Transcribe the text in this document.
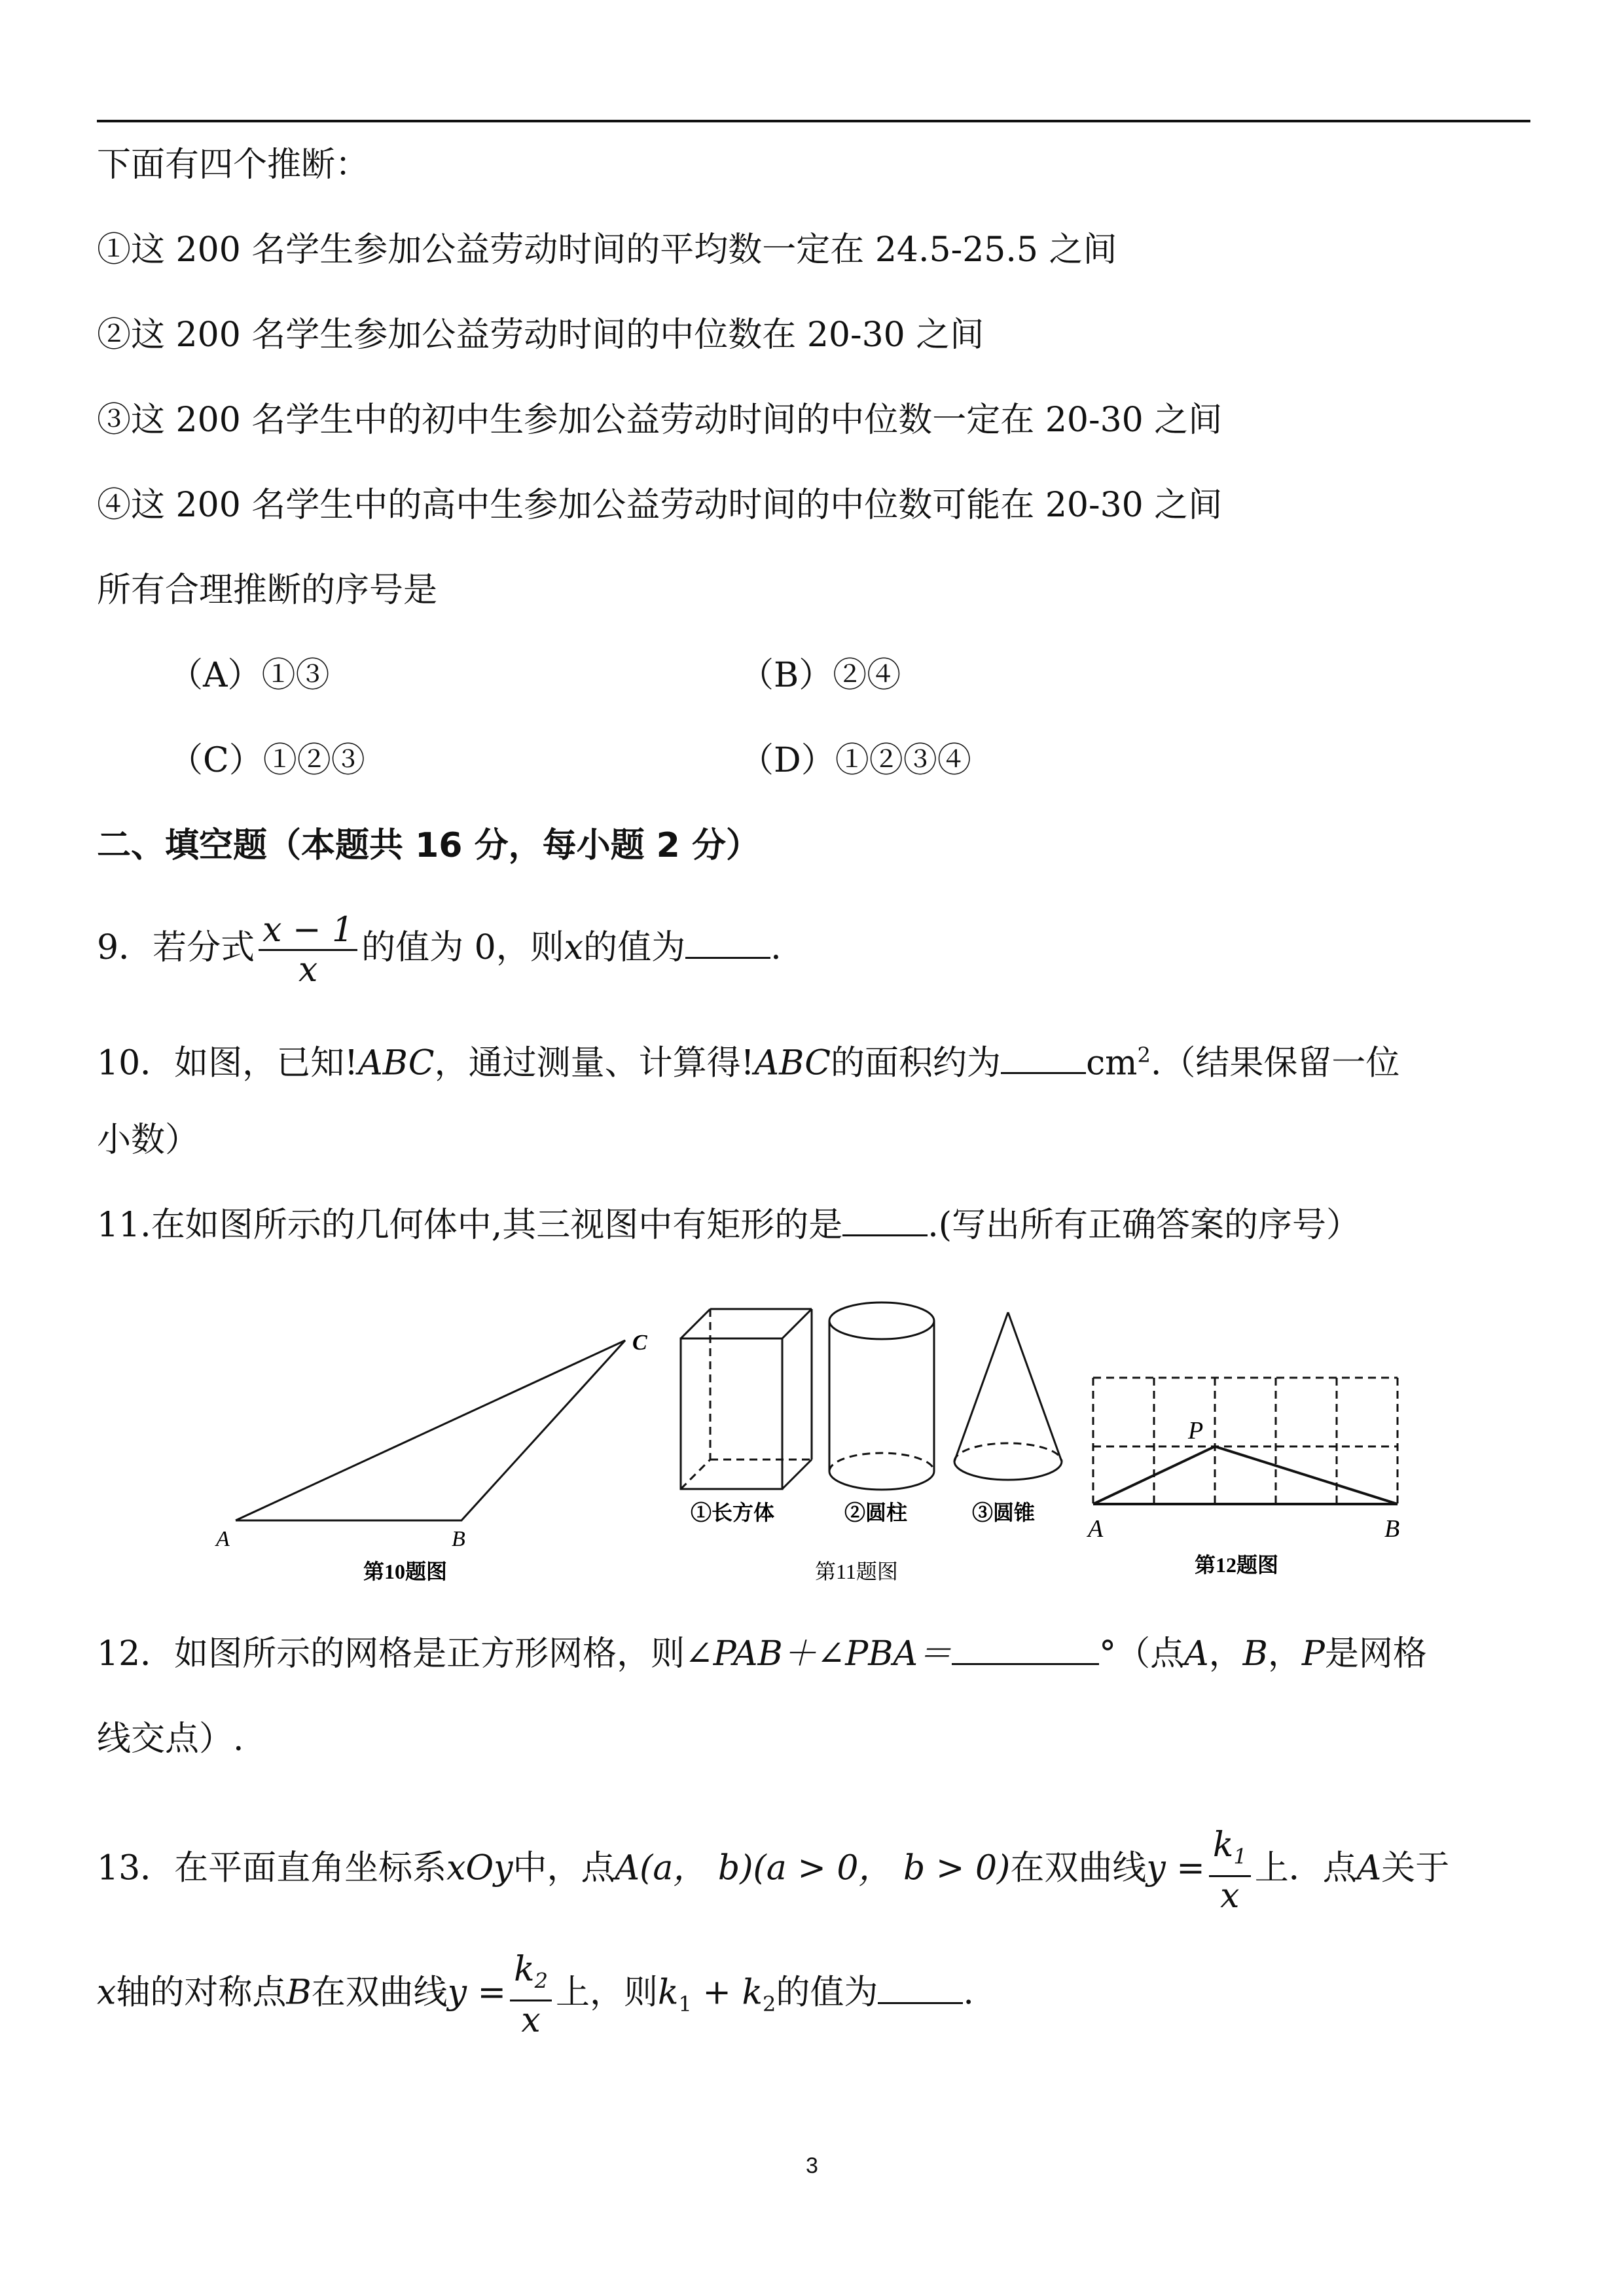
下面有四个推断：
①这 200 名学生参加公益劳动时间的平均数一定在 24.5-25.5 之间
②这 200 名学生参加公益劳动时间的中位数在 20-30 之间
③这 200 名学生中的初中生参加公益劳动时间的中位数一定在 20-30 之间
④这 200 名学生中的高中生参加公益劳动时间的中位数可能在 20-30 之间
所有合理推断的序号是
（A）①③	（B）②④
（C）①②③	（D）①②③④
二、填空题（本题共 16 分，每小题 2 分）
9．若分式 $\frac{x - 1}{x}$ 的值为 0，则x的值为	.
10．如图，已知!ABC，通过测量、计算得!ABC的面积约为	$cm^2$.（结果保留一位
小数）
11.在如图所示的几何体中,其三视图中有矩形的是	.(写出所有正确答案的序号）
A	B
C
第10题图
①长方体	②圆柱	③圆锥
第11题图
A	B
P
第12题图
12．如图所示的网格是正方形网格，则∠PAB＋∠PBA＝	°（点A，B，P是网格
线交点）.
13．在平面直角坐标系xOy中，点A(a， b)(a > 0， b > 0)在双曲线$y = \frac{k_1}{x}$ 上．点A关于
x轴的对称点B在双曲线$y = \frac{k_2}{x}$ 上，则$k_1 + k_2$的值为	.
3
